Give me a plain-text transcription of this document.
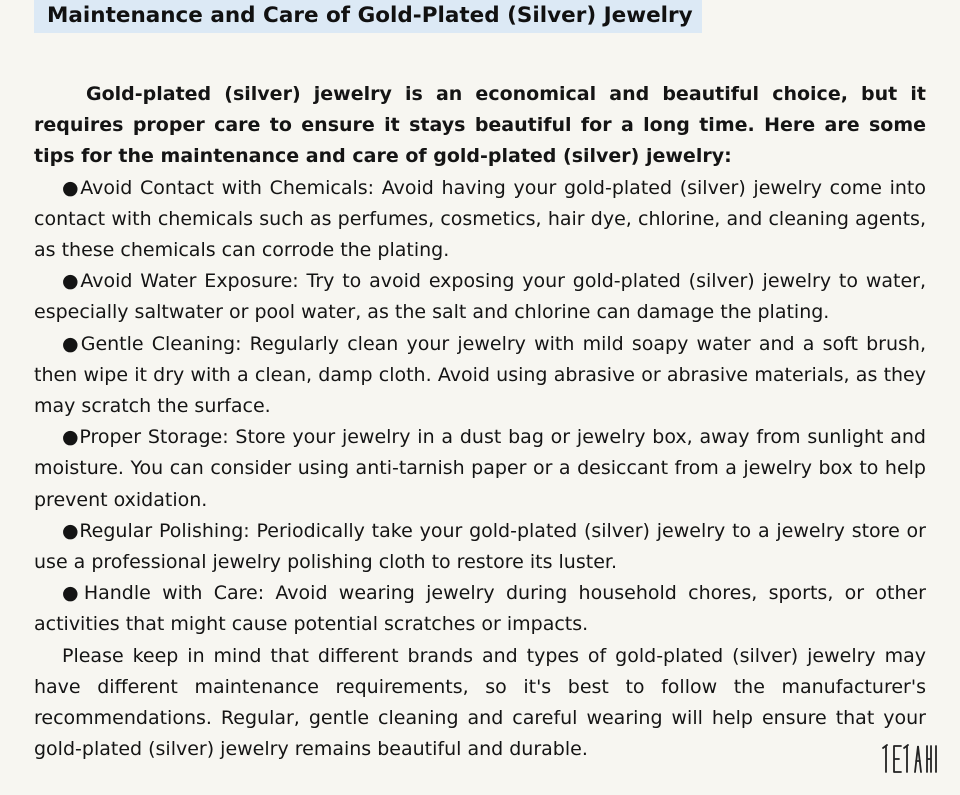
Maintenance and Care of Gold-Plated (Silver) Jewelry

Gold-plated (silver) jewelry is an economical and beautiful choice, but it requires proper care to ensure it stays beautiful for a long time. Here are some tips for the maintenance and care of gold-plated (silver) jewelry:

●Avoid Contact with Chemicals: Avoid having your gold-plated (silver) jewelry come into contact with chemicals such as perfumes, cosmetics, hair dye, chlorine, and cleaning agents, as these chemicals can corrode the plating.

●Avoid Water Exposure: Try to avoid exposing your gold-plated (silver) jewelry to water, especially saltwater or pool water, as the salt and chlorine can damage the plating.

●Gentle Cleaning: Regularly clean your jewelry with mild soapy water and a soft brush, then wipe it dry with a clean, damp cloth. Avoid using abrasive or abrasive materials, as they may scratch the surface.

●Proper Storage: Store your jewelry in a dust bag or jewelry box, away from sunlight and moisture. You can consider using anti-tarnish paper or a desiccant from a jewelry box to help prevent oxidation.

●Regular Polishing: Periodically take your gold-plated (silver) jewelry to a jewelry store or use a professional jewelry polishing cloth to restore its luster.

●Handle with Care: Avoid wearing jewelry during household chores, sports, or other activities that might cause potential scratches or impacts.

Please keep in mind that different brands and types of gold-plated (silver) jewelry may have different maintenance requirements, so it's best to follow the manufacturer's recommendations. Regular, gentle cleaning and careful wearing will help ensure that your gold-plated (silver) jewelry remains beautiful and durable.
